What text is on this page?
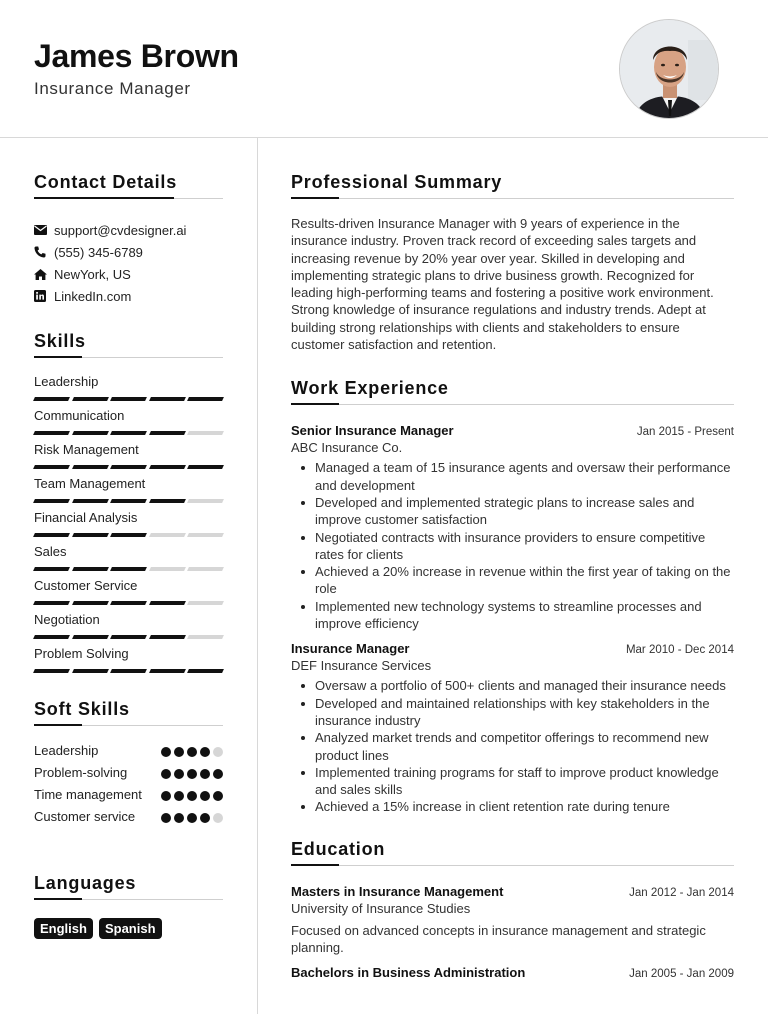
James Brown
Insurance Manager
Contact Details
support@cvdesigner.ai
(555) 345-6789
NewYork, US
LinkedIn.com
Skills
Leadership
Communication
Risk Management
Team Management
Financial Analysis
Sales
Customer Service
Negotiation
Problem Solving
Soft Skills
Leadership
Problem-solving
Time management
Customer service
Languages
English	Spanish
Professional Summary

Results-driven Insurance Manager with 9 years of experience in the insurance industry. Proven track record of exceeding sales targets and increasing revenue by 20% year over year. Skilled in developing and implementing strategic plans to drive business growth. Recognized for leading high-performing teams and fostering a positive work environment. Strong knowledge of insurance regulations and industry trends. Adept at building strong relationships with clients and stakeholders to ensure customer satisfaction and retention.

Work Experience
Senior Insurance Manager	Jan 2015 - Present
ABC Insurance Co.
Managed a team of 15 insurance agents and oversaw their performance and development
Developed and implemented strategic plans to increase sales and improve customer satisfaction
Negotiated contracts with insurance providers to ensure competitive rates for clients
Achieved a 20% increase in revenue within the first year of taking on the role
Implemented new technology systems to streamline processes and improve efficiency
Insurance Manager	Mar 2010 - Dec 2014
DEF Insurance Services
Oversaw a portfolio of 500+ clients and managed their insurance needs
Developed and maintained relationships with key stakeholders in the insurance industry
Analyzed market trends and competitor offerings to recommend new product lines
Implemented training programs for staff to improve product knowledge and sales skills
Achieved a 15% increase in client retention rate during tenure
Education
Masters in Insurance Management	Jan 2012 - Jan 2014
University of Insurance Studies

Focused on advanced concepts in insurance management and strategic planning.

Bachelors in Business Administration	Jan 2005 - Jan 2009
